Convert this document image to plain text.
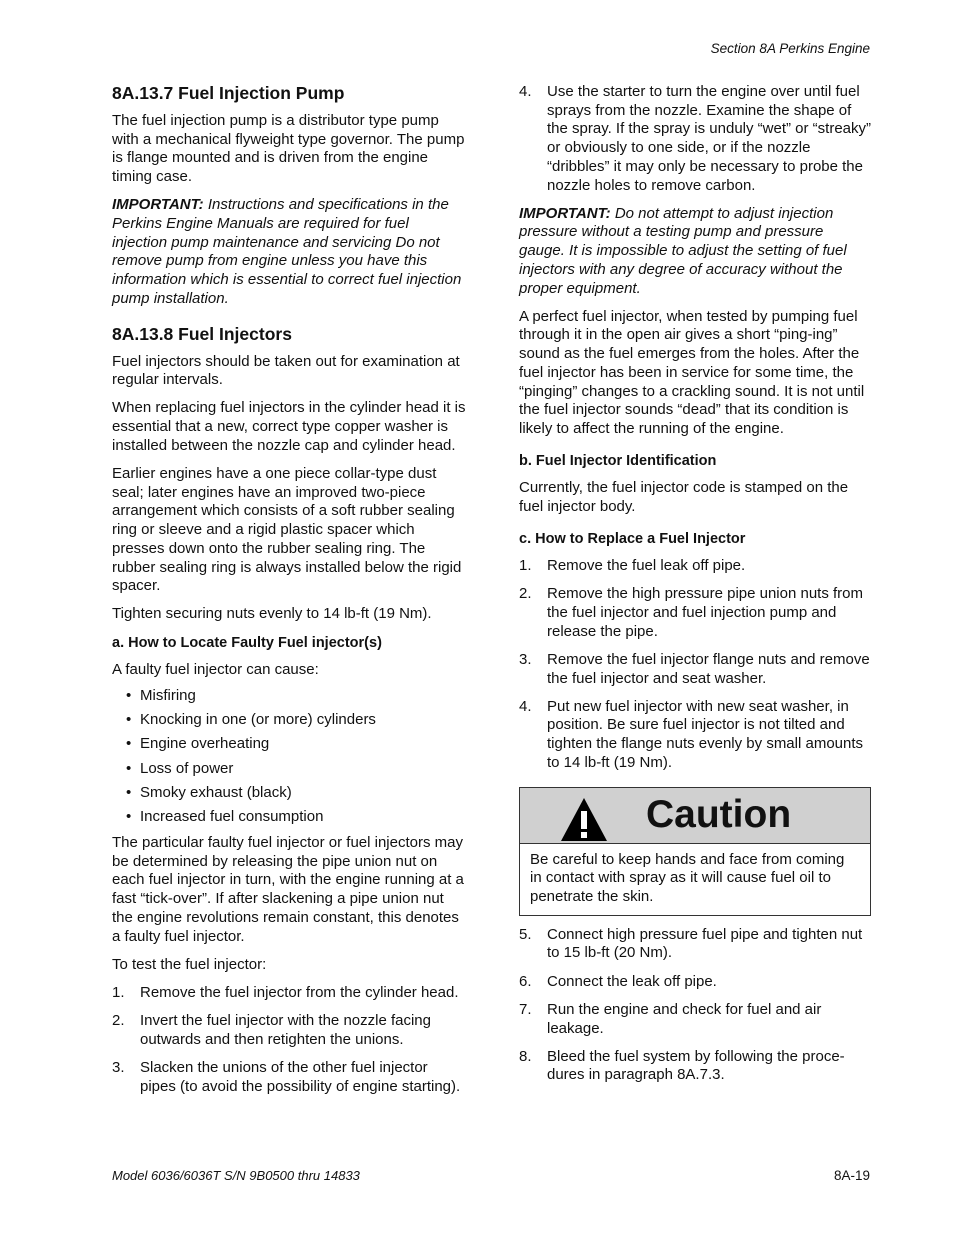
Section 8A Perkins Engine
8A.13.7 Fuel Injection Pump

The fuel injection pump is a distributor type pump with a mechanical flyweight type governor. The pump is flange mounted and is driven from the engine timing case.

IMPORTANT: Instructions and specifications in the Perkins Engine Manuals are required for fuel injection pump maintenance and servicing Do not remove pump from engine unless you have this information which is essential to correct fuel injection pump installation.

8A.13.8 Fuel Injectors

Fuel injectors should be taken out for examination at regular intervals.

When replacing fuel injectors in the cylinder head it is essential that a new, correct type copper washer is installed between the nozzle cap and cylinder head.

Earlier engines have a one piece collar-type dust seal; later engines have an improved two-piece arrangement which consists of a soft rubber sealing ring or sleeve and a rigid plastic spacer which presses down onto the rubber sealing ring. The rubber sealing ring is always installed below the rigid spacer.

Tighten securing nuts evenly to 14 lb-ft (19 Nm).

a. How to Locate Faulty Fuel injector(s)

A faulty fuel injector can cause:

• Misfiring
• Knocking in one (or more) cylinders
• Engine overheating
• Loss of power
• Smoky exhaust (black)
• Increased fuel consumption

The particular faulty fuel injector or fuel injectors may be determined by releasing the pipe union nut on each fuel injector in turn, with the engine running at a fast “tick-over”. If after slackening a pipe union nut the engine revolutions remain constant, this denotes a faulty fuel injector.

To test the fuel injector:

1. Remove the fuel injector from the cylinder head.
2. Invert the fuel injector with the nozzle facing outwards and then retighten the unions.
3. Slacken the unions of the other fuel injector pipes (to avoid the possibility of engine starting).
4. Use the starter to turn the engine over until fuel sprays from the nozzle. Examine the shape of the spray. If the spray is unduly “wet” or “streaky” or obviously to one side, or if the nozzle “dribbles” it may only be necessary to probe the nozzle holes to remove carbon.

IMPORTANT: Do not attempt to adjust injection pressure without a testing pump and pressure gauge. It is impossible to adjust the setting of fuel injectors with any degree of accuracy without the proper equipment.

A perfect fuel injector, when tested by pumping fuel through it in the open air gives a short “ping-ing” sound as the fuel emerges from the holes. After the fuel injector has been in service for some time, the “pinging” changes to a crackling sound. It is not until the fuel injector sounds “dead” that its condition is likely to affect the running of the engine.

b. Fuel Injector Identification

Currently, the fuel injector code is stamped on the fuel injector body.

c. How to Replace a Fuel Injector
1. Remove the fuel leak off pipe.
2. Remove the high pressure pipe union nuts from the fuel injector and fuel injection pump and release the pipe.
3. Remove the fuel injector flange nuts and remove the fuel injector and seat washer.
4. Put new fuel injector with new seat washer, in position. Be sure fuel injector is not tilted and tighten the flange nuts evenly by small amounts to 14 lb-ft (19 Nm).
Caution
Be careful to keep hands and face from coming in contact with spray as it will cause fuel oil to penetrate the skin.
5. Connect high pressure fuel pipe and tighten nut to 15 lb-ft (20 Nm).
6. Connect the leak off pipe.
7. Run the engine and check for fuel and air leakage.
8. Bleed the fuel system by following the proce-dures in paragraph 8A.7.3.
Model 6036/6036T S/N 9B0500 thru 14833	8A-19
